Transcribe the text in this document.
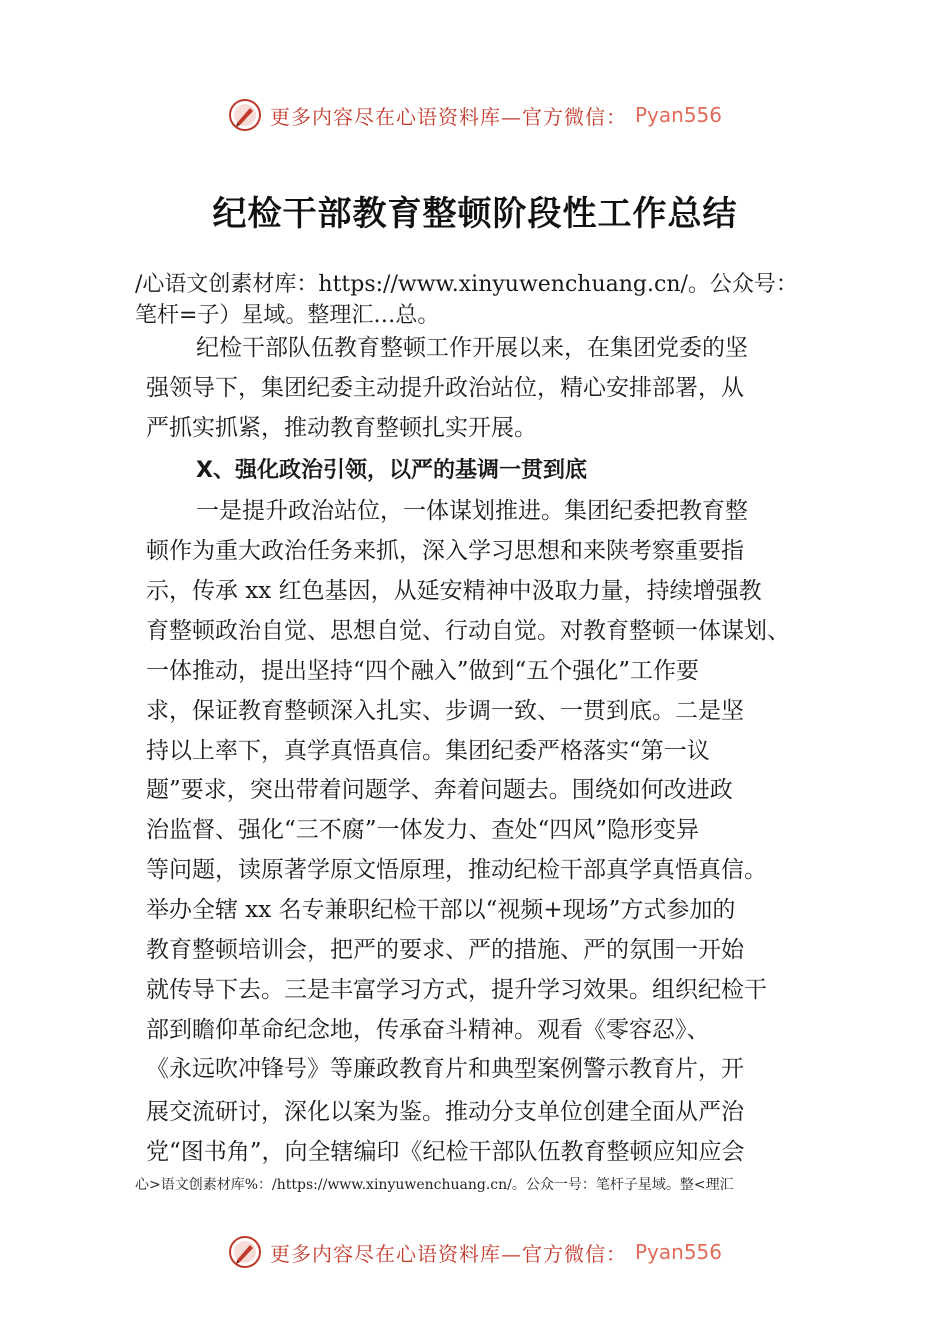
更多内容尽在心语资料库—官方微信： Pyan556
纪检干部教育整顿阶段性工作总结
/心语文创素材库：https://www.xinyuwenchuang.cn/。公众号：
笔杆=子）星域。整理汇…总。
纪检干部队伍教育整顿工作开展以来，在集团党委的坚
强领导下，集团纪委主动提升政治站位，精心安排部署，从
严抓实抓紧，推动教育整顿扎实开展。
X、强化政治引领，以严的基调一贯到底
一是提升政治站位，一体谋划推进。集团纪委把教育整
顿作为重大政治任务来抓，深入学习思想和来陕考察重要指
示，传承 xx 红色基因，从延安精神中汲取力量，持续增强教
育整顿政治自觉、思想自觉、行动自觉。对教育整顿一体谋划、
一体推动，提出坚持“四个融入”做到“五个强化”工作要
求，保证教育整顿深入扎实、步调一致、一贯到底。二是坚
持以上率下，真学真悟真信。集团纪委严格落实“第一议
题”要求，突出带着问题学、奔着问题去。围绕如何改进政
治监督、强化“三不腐”一体发力、查处“四风”隐形变异
等问题，读原著学原文悟原理，推动纪检干部真学真悟真信。
举办全辖 xx 名专兼职纪检干部以“视频+现场”方式参加的
教育整顿培训会，把严的要求、严的措施、严的氛围一开始
就传导下去。三是丰富学习方式，提升学习效果。组织纪检干
部到瞻仰革命纪念地，传承奋斗精神。观看《零容忍》、
《永远吹冲锋号》等廉政教育片和典型案例警示教育片，开
展交流研讨，深化以案为鉴。推动分支单位创建全面从严治
党“图书角”，向全辖编印《纪检干部队伍教育整顿应知应会
心>语文创素材库%：/https://www.xinyuwenchuang.cn/。公众一号：笔杆子星域。整<理汇
更多内容尽在心语资料库—官方微信： Pyan556
